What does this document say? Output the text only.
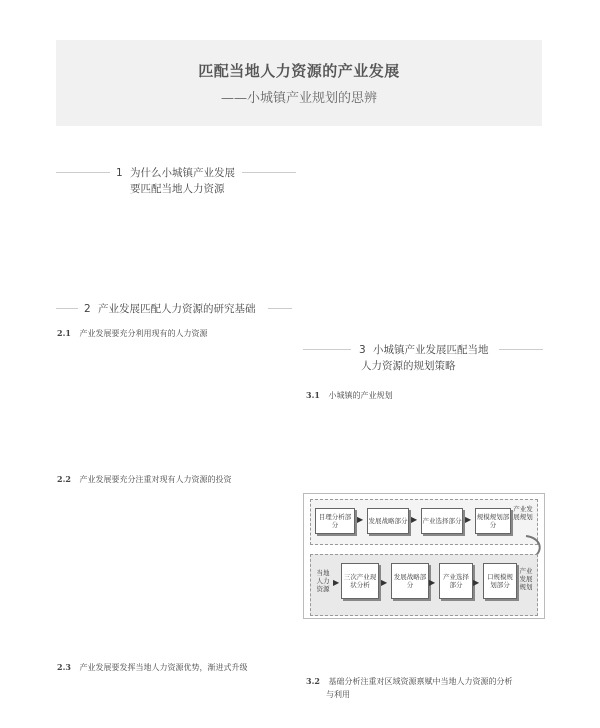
匹配当地人力资源的产业发展
——小城镇产业规划的思辨
1 为什么小城镇产业发展
要匹配当地人力资源
2 产业发展匹配人力资源的研究基础
2.1 产业发展要充分利用现有的人力资源
2.2 产业发展要充分注重对现有人力资源的投资
2.3 产业发展要发挥当地人力资源优势，渐进式升级
3 小城镇产业发展匹配当地
人力资源的规划策略
3.1 小城镇的产业规划
目理分析部分
▶ 发展战略部分 ▶ 产业选择部分 ▶ 规模规划部分
产业发展规划
当地人力资源
▶
三次产业现状分析	▶
发展战略部分	▶
产业选择部分	▶
口规模规划部分
产业发展规划
3.2 基础分析注重对区域资源禀赋中当地人力资源的分析
与利用
